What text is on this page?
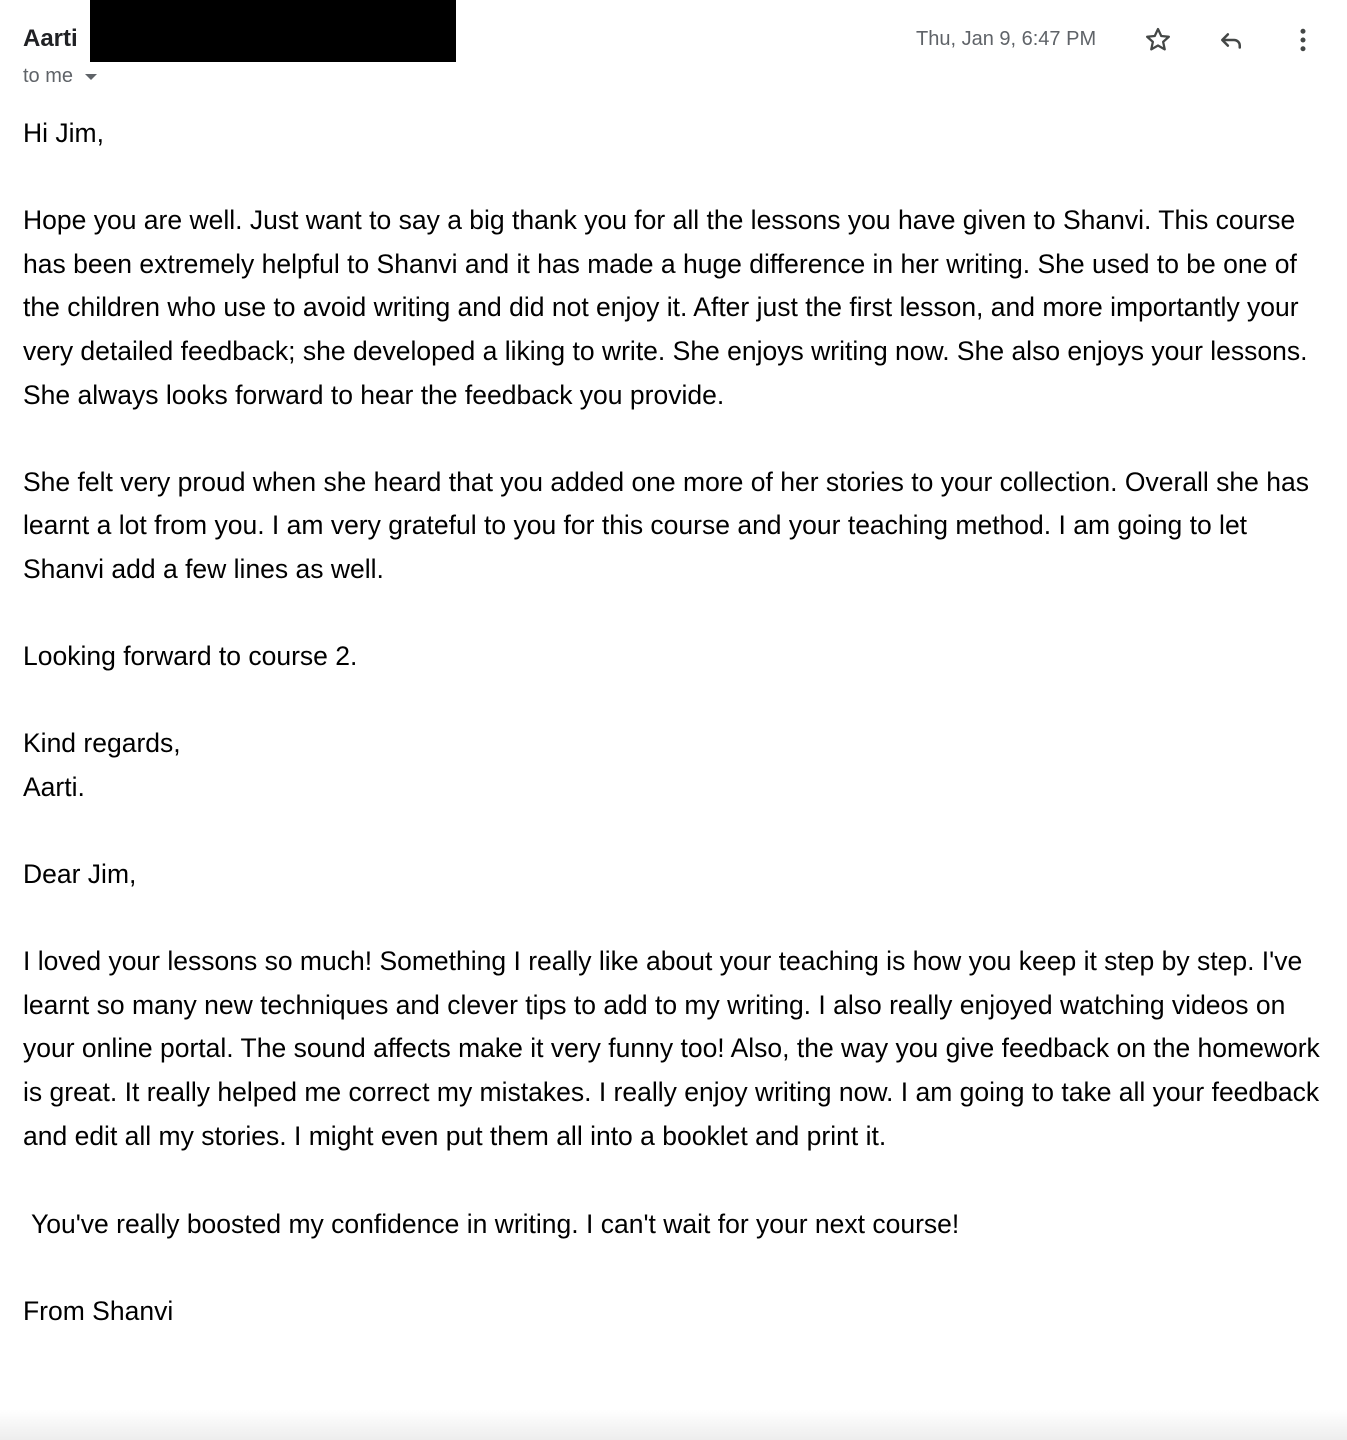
Aarti
to me
Thu, Jan 9, 6:47 PM

Hi Jim,

Hope you are well. Just want to say a big thank you for all the lessons you have given to Shanvi. This course has been extremely helpful to Shanvi and it has made a huge difference in her writing. She used to be one of the children who use to avoid writing and did not enjoy it. After just the first lesson, and more importantly your very detailed feedback; she developed a liking to write. She enjoys writing now. She also enjoys your lessons. She always looks forward to hear the feedback you provide.

She felt very proud when she heard that you added one more of her stories to your collection. Overall she has learnt a lot from you. I am very grateful to you for this course and your teaching method. I am going to let Shanvi add a few lines as well.

Looking forward to course 2.

Kind regards,

Aarti.

Dear Jim,

I loved your lessons so much! Something I really like about your teaching is how you keep it step by step. I've learnt so many new techniques and clever tips to add to my writing. I also really enjoyed watching videos on your online portal. The sound affects make it very funny too! Also, the way you give feedback on the homework is great. It really helped me correct my mistakes. I really enjoy writing now. I am going to take all your feedback and edit all my stories. I might even put them all into a booklet and print it.

You've really boosted my confidence in writing. I can't wait for your next course!

From Shanvi
